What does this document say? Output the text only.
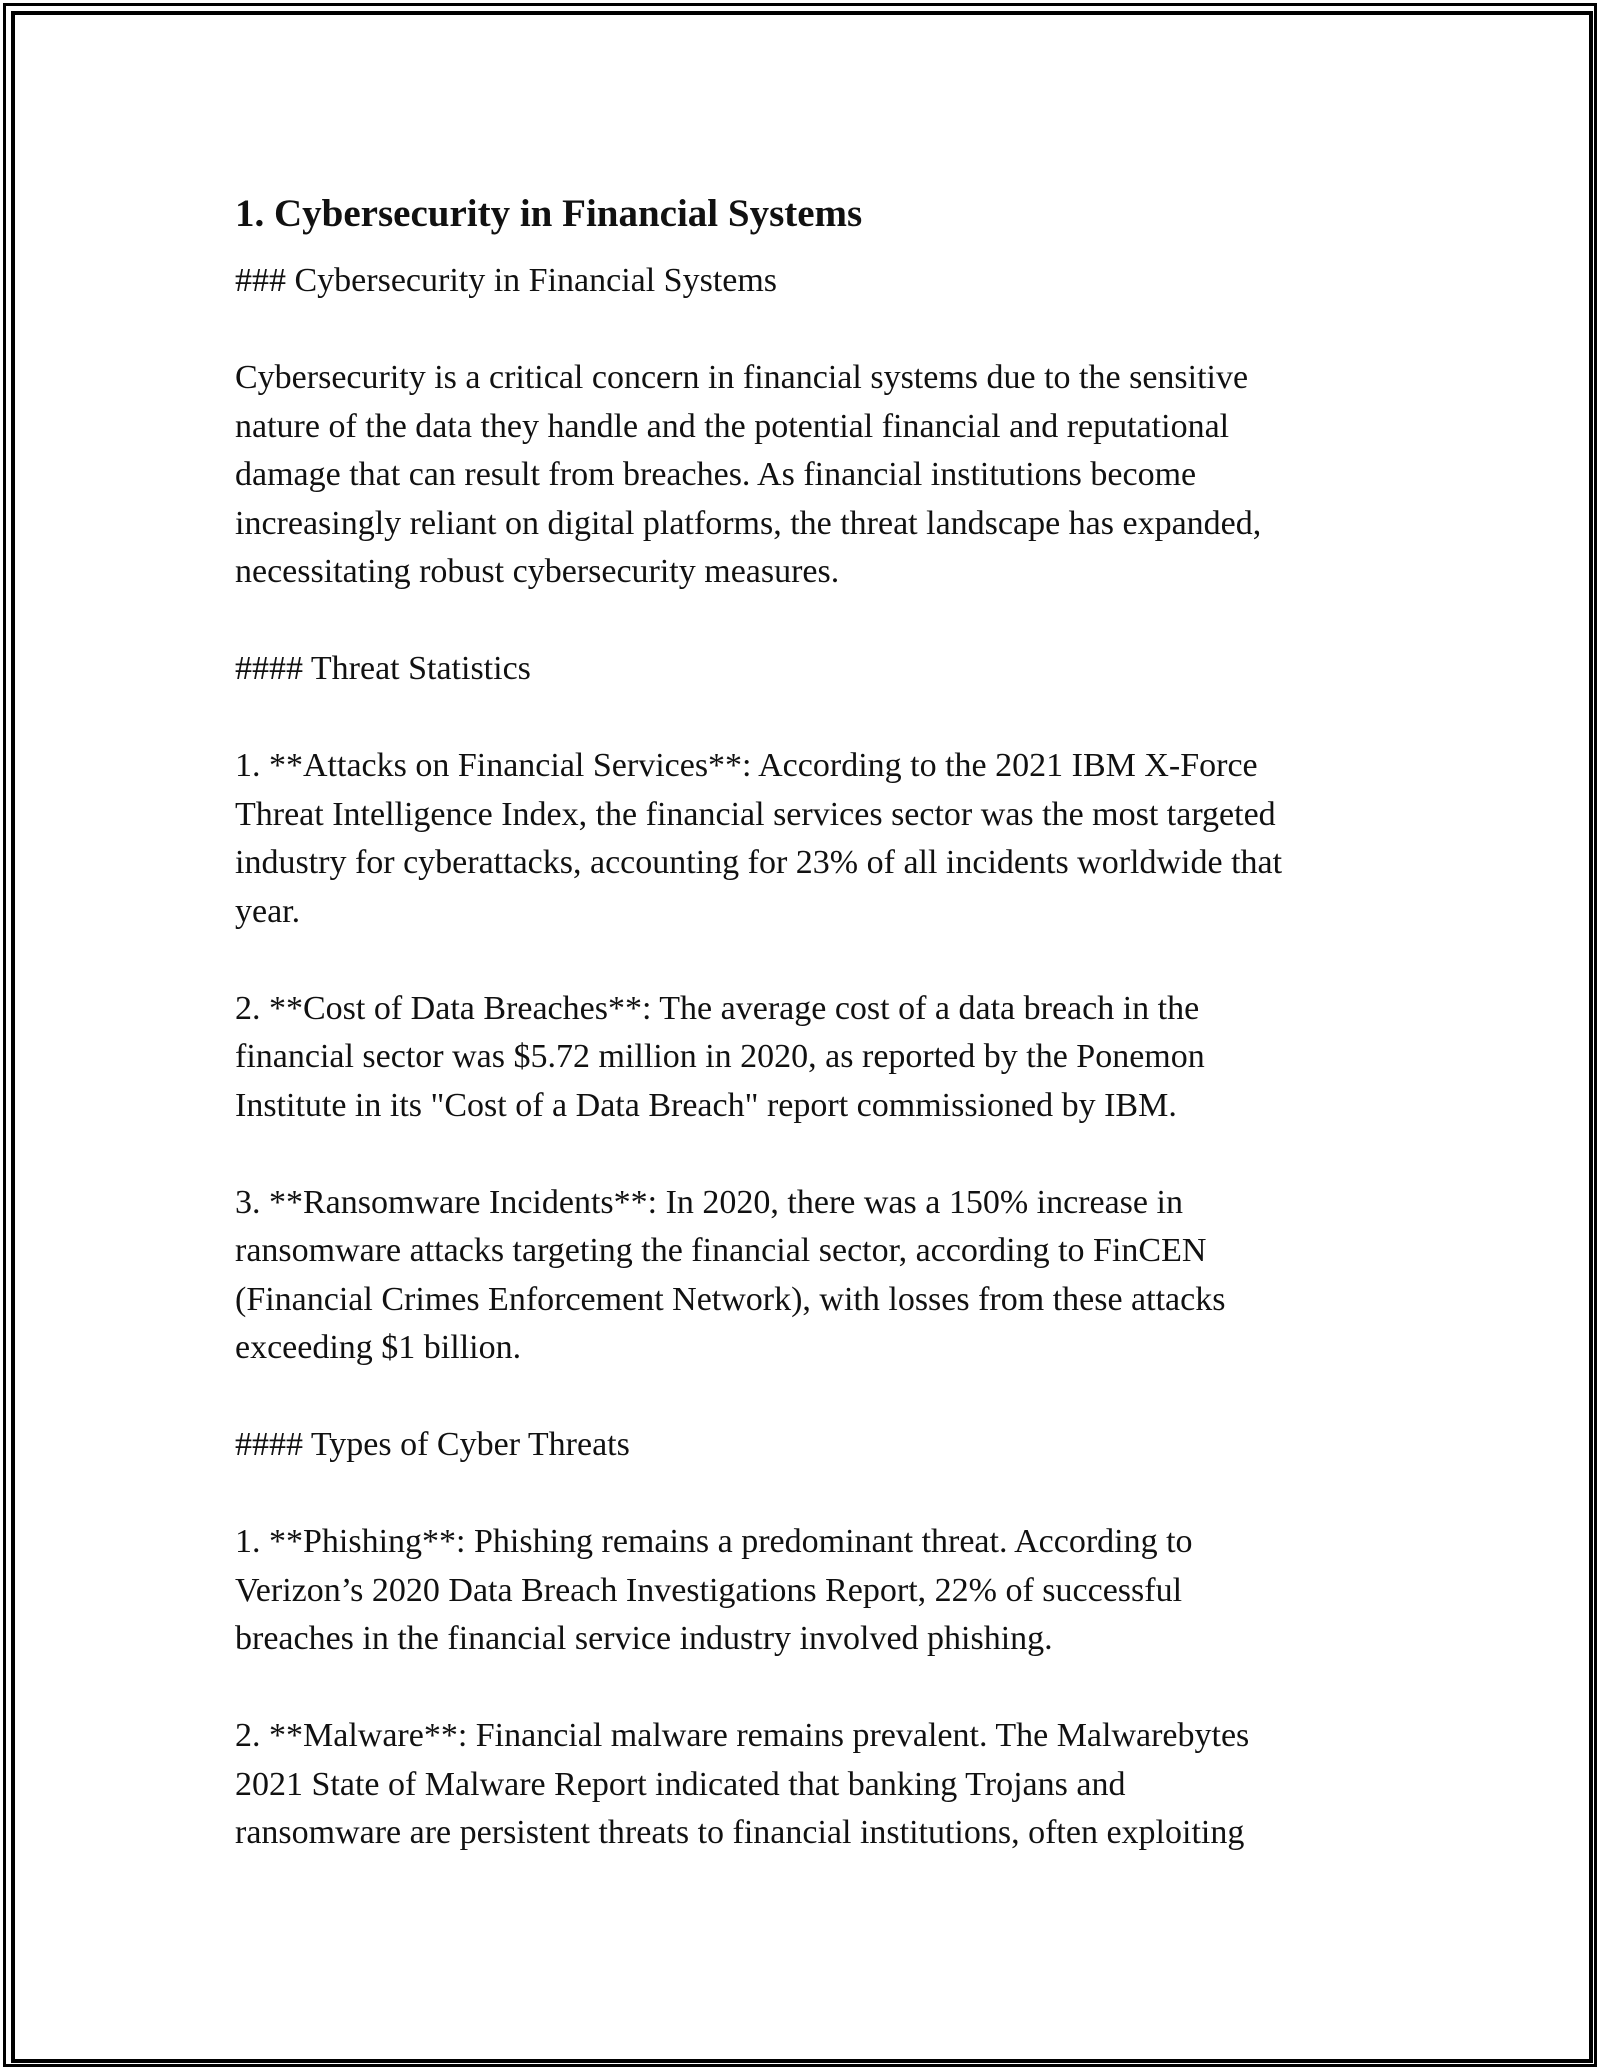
1. Cybersecurity in Financial Systems

### Cybersecurity in Financial Systems

Cybersecurity is a critical concern in financial systems due to the sensitive
nature of the data they handle and the potential financial and reputational
damage that can result from breaches. As financial institutions become
increasingly reliant on digital platforms, the threat landscape has expanded,
necessitating robust cybersecurity measures.

#### Threat Statistics

1. **Attacks on Financial Services**: According to the 2021 IBM X-Force
Threat Intelligence Index, the financial services sector was the most targeted
industry for cyberattacks, accounting for 23% of all incidents worldwide that
year.

2. **Cost of Data Breaches**: The average cost of a data breach in the
financial sector was $5.72 million in 2020, as reported by the Ponemon
Institute in its "Cost of a Data Breach" report commissioned by IBM.

3. **Ransomware Incidents**: In 2020, there was a 150% increase in
ransomware attacks targeting the financial sector, according to FinCEN
(Financial Crimes Enforcement Network), with losses from these attacks
exceeding $1 billion.

#### Types of Cyber Threats

1. **Phishing**: Phishing remains a predominant threat. According to
Verizon’s 2020 Data Breach Investigations Report, 22% of successful
breaches in the financial service industry involved phishing.

2. **Malware**: Financial malware remains prevalent. The Malwarebytes
2021 State of Malware Report indicated that banking Trojans and
ransomware are persistent threats to financial institutions, often exploiting
